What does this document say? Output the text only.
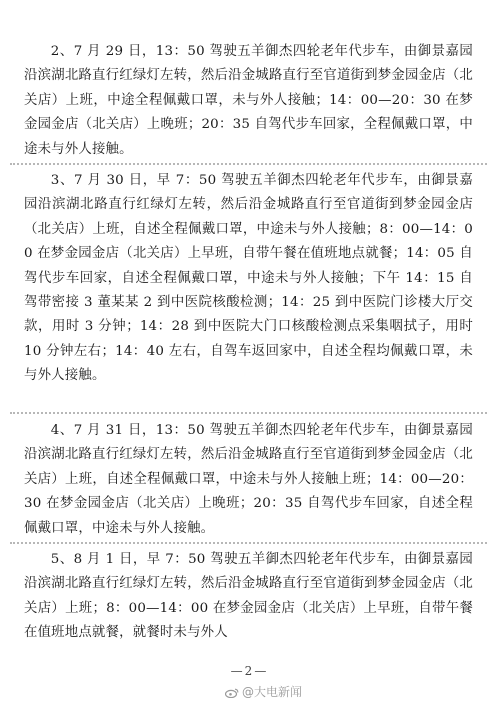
2、7 月 29 日，13：50 驾驶五羊御杰四轮老年代步车，由御景嘉园沿滨湖北路直行红绿灯左转，然后沿金城路直行至官道街到梦金园金店（北关店）上班，中途全程佩戴口罩，未与外人接触；14：00—20：30 在梦金园金店（北关店）上晚班；20：35 自驾代步车回家，全程佩戴口罩，中途未与外人接触。

3、7 月 30 日，早 7：50 驾驶五羊御杰四轮老年代步车，由御景嘉园沿滨湖北路直行红绿灯左转，然后沿金城路直行至官道街到梦金园金店（北关店）上班，自述全程佩戴口罩，中途未与外人接触；8：00—14：00 在梦金园金店（北关店）上早班，自带午餐在值班地点就餐；14：05 自驾代步车回家，自述全程佩戴口罩，中途未与外人接触；下午 14：15 自驾带密接 3 董某某 2 到中医院核酸检测；14：25 到中医院门诊楼大厅交款，用时 3 分钟；14：28 到中医院大门口核酸检测点采集咽拭子，用时 10 分钟左右；14：40 左右，自驾车返回家中，自述全程均佩戴口罩，未与外人接触。

4、7 月 31 日，13：50 驾驶五羊御杰四轮老年代步车，由御景嘉园沿滨湖北路直行红绿灯左转，然后沿金城路直行至官道街到梦金园金店（北关店）上班，自述全程佩戴口罩，中途未与外人接触上班；14：00—20：30 在梦金园金店（北关店）上晚班；20：35 自驾代步车回家，自述全程佩戴口罩，中途未与外人接触。

5、8 月 1 日，早 7：50 驾驶五羊御杰四轮老年代步车，由御景嘉园沿滨湖北路直行红绿灯左转，然后沿金城路直行至官道街到梦金园金店（北关店）上班；8：00—14：00 在梦金园金店（北关店）上早班，自带午餐在值班地点就餐，就餐时未与外人

— 2 —
@大电新闻
